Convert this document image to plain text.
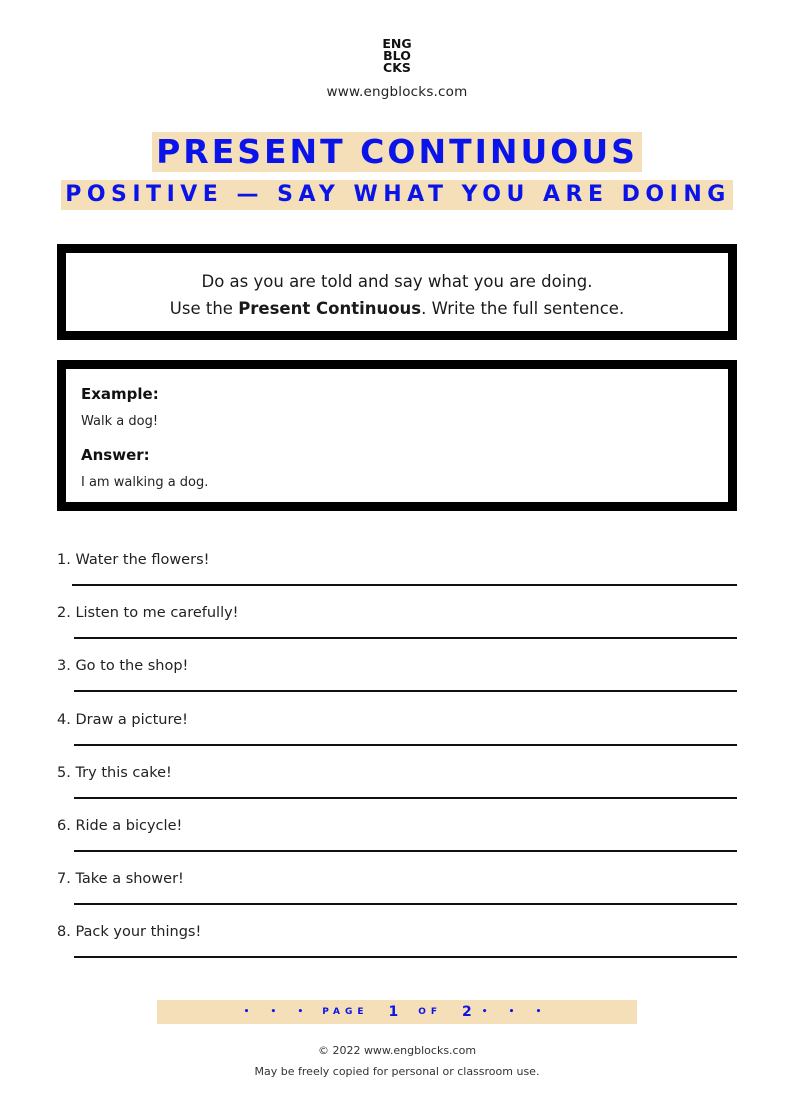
ENG
BLO
CKS
www.engblocks.com
PRESENT CONTINUOUS
POSITIVE — SAY WHAT YOU ARE DOING
Do as you are told and say what you are doing.
Use the Present Continuous. Write the full sentence.
Example:
Walk a dog!
Answer:
I am walking a dog.
1. Water the flowers!
2. Listen to me carefully!
3. Go to the shop!
4. Draw a picture!
5. Try this cake!
6. Ride a bicycle!
7. Take a shower!
8. Pack your things!
• • • PAGE 1 OF 2 • • •
© 2022 www.engblocks.com
May be freely copied for personal or classroom use.
